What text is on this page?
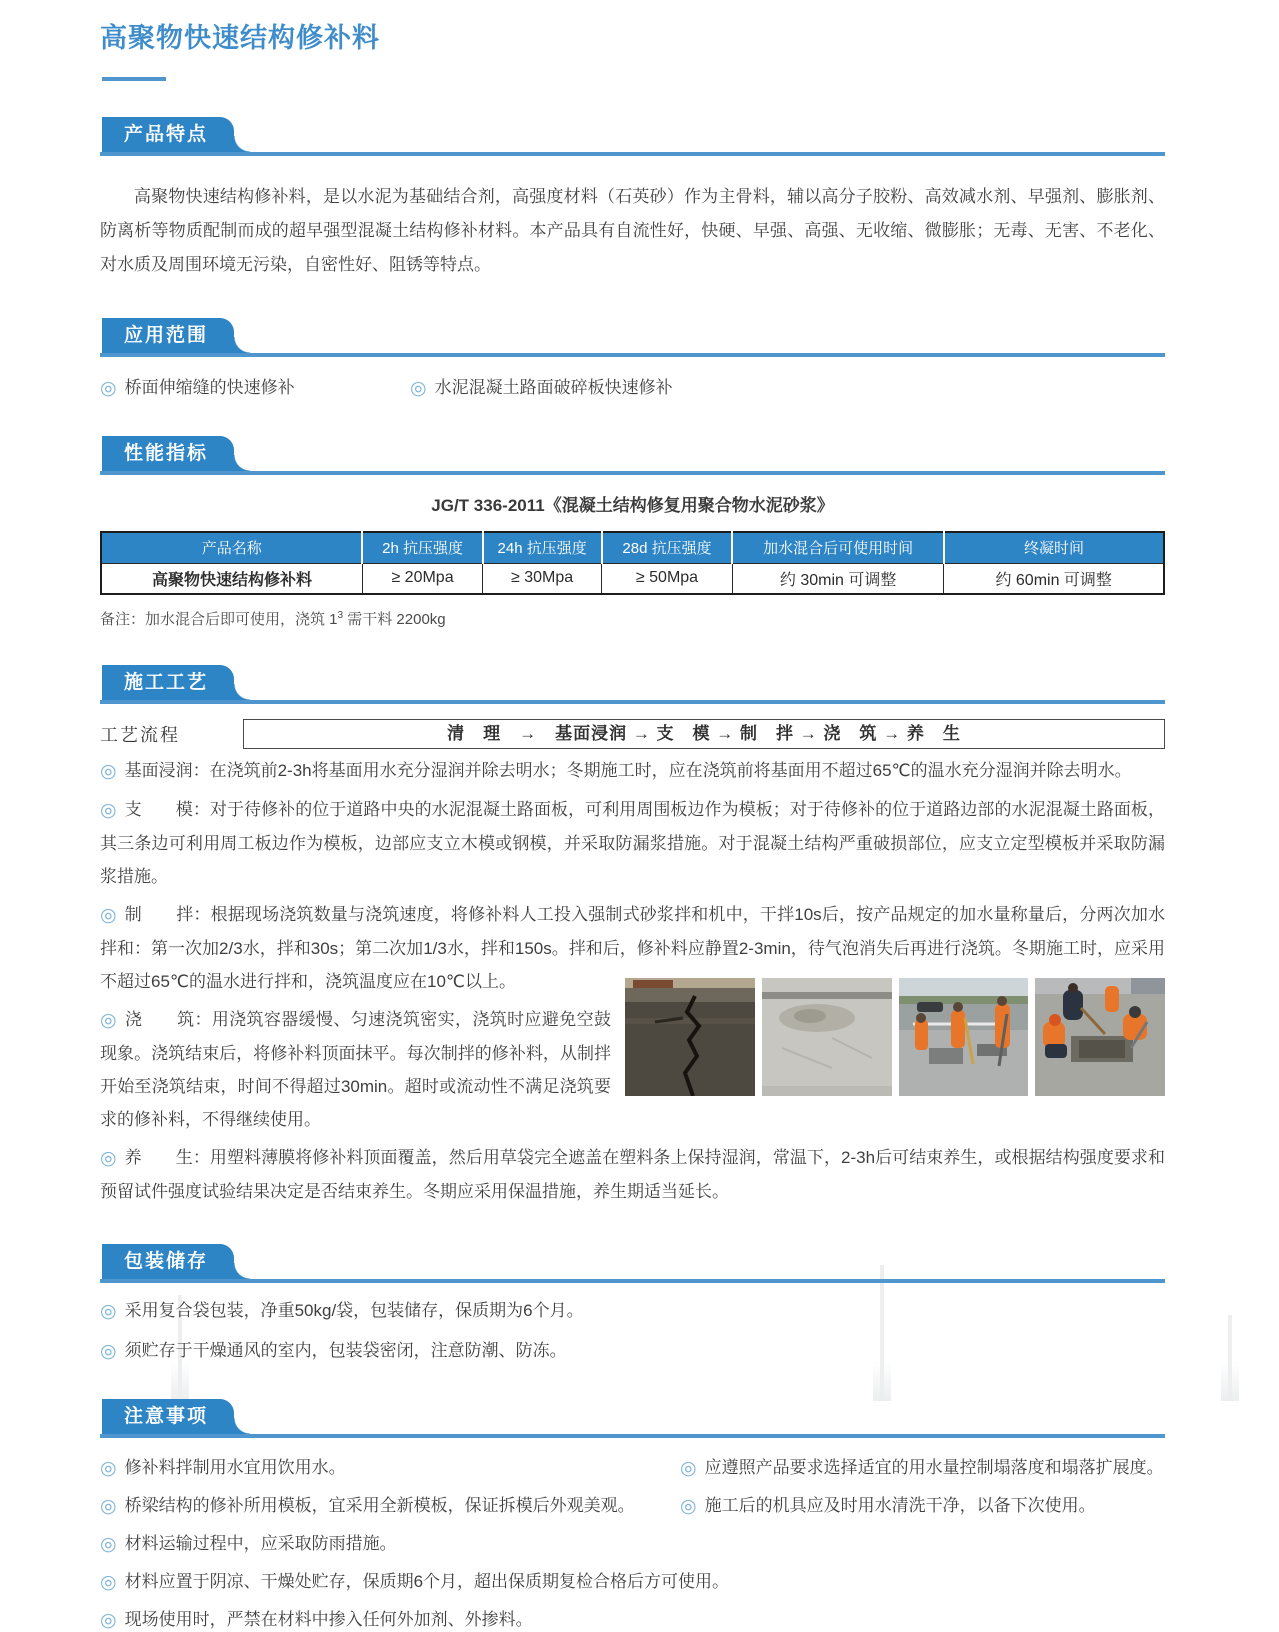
高聚物快速结构修补料
产品特点

高聚物快速结构修补料，是以水泥为基础结合剂，高强度材料（石英砂）作为主骨料，辅以高分子胶粉、高效减水剂、早强剂、膨胀剂、防离析等物质配制而成的超早强型混凝土结构修补材料。本产品具有自流性好，快硬、早强、高强、无收缩、微膨胀；无毒、无害、不老化、对水质及周围环境无污染，自密性好、阻锈等特点。

应用范围
◎ 桥面伸缩缝的快速修补	◎ 水泥混凝土路面破碎板快速修补
性能指标
JG/T 336-2011《混凝土结构修复用聚合物水泥砂浆》
产品名称	2h 抗压强度	24h 抗压强度	28d 抗压强度	加水混合后可使用时间	终凝时间
高聚物快速结构修补料	≥ 20Mpa	≥ 30Mpa	≥ 50Mpa	约 30min 可调整	约 60min 可调整
备注：加水混合后即可使用，浇筑 $1^3$ 需干料 2200kg
施工工艺
工艺流程	清　理　→　基面浸润 → 支　模 → 制　拌 → 浇　筑 → 养　生

◎ 基面浸润：在浇筑前2-3h将基面用水充分湿润并除去明水；冬期施工时，应在浇筑前将基面用不超过65℃的温水充分湿润并除去明水。

◎ 支　　模：对于待修补的位于道路中央的水泥混凝土路面板，可利用周围板边作为模板；对于待修补的位于道路边部的水泥混凝土路面板，其三条边可利用周工板边作为模板，边部应支立木模或钢模，并采取防漏浆措施。对于混凝土结构严重破损部位，应支立定型模板并采取防漏浆措施。

◎ 制　　拌：根据现场浇筑数量与浇筑速度，将修补料人工投入强制式砂浆拌和机中，干拌10s后，按产品规定的加水量称量后，分两次加水拌和：第一次加2/3水，拌和30s；第二次加1/3水，拌和150s。拌和后，修补料应静置2-3min，待气泡消失后再进行浇筑。冬期施工时，应采用不超过65℃的温水进行拌和，浇筑温度应在10℃以上。

◎ 浇　　筑：用浇筑容器缓慢、匀速浇筑密实，浇筑时应避免空鼓现象。浇筑结束后，将修补料顶面抹平。每次制拌的修补料，从制拌开始至浇筑结束，时间不得超过30min。超时或流动性不满足浇筑要求的修补料，不得继续使用。

◎ 养　　生：用塑料薄膜将修补料顶面覆盖，然后用草袋完全遮盖在塑料条上保持湿润，常温下，2-3h后可结束养生，或根据结构强度要求和预留试件强度试验结果决定是否结束养生。冬期应采用保温措施，养生期适当延长。

包装储存

◎ 采用复合袋包装，净重50kg/袋，包装储存，保质期为6个月。

◎ 须贮存于干燥通风的室内，包装袋密闭，注意防潮、防冻。

注意事项
◎ 修补料拌制用水宜用饮用水。	◎ 应遵照产品要求选择适宜的用水量控制塌落度和塌落扩展度。
◎ 桥梁结构的修补所用模板，宜采用全新模板，保证拆模后外观美观。	◎ 施工后的机具应及时用水清洗干净，以备下次使用。
◎ 材料运输过程中，应采取防雨措施。
◎ 材料应置于阴凉、干燥处贮存，保质期6个月，超出保质期复检合格后方可使用。
◎ 现场使用时，严禁在材料中掺入任何外加剂、外掺料。
